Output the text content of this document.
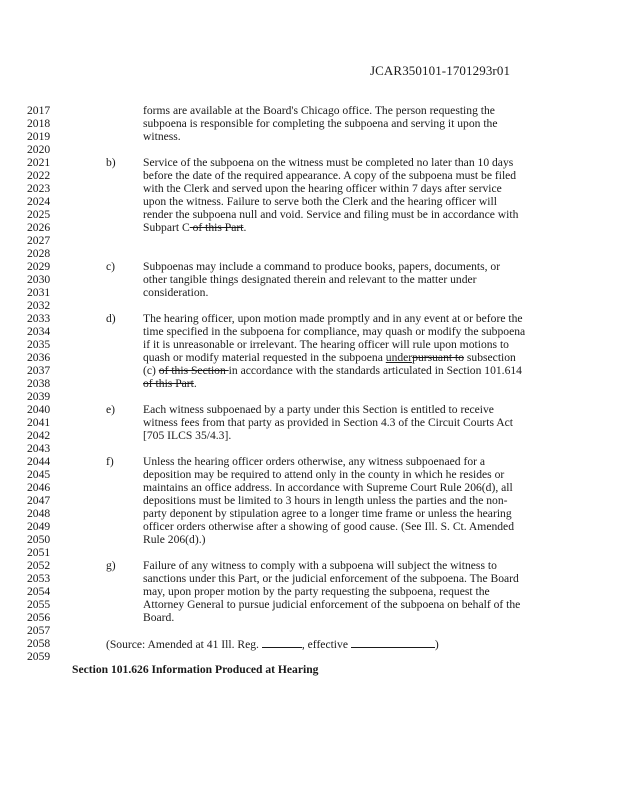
JCAR350101-1701293r01
2017
2018
2019
2020
2021
2022
2023
2024
2025
2026
2027
2028
2029
2030
2031
2032
2033
2034
2035
2036
2037
2038
2039
2040
2041
2042
2043
2044
2045
2046
2047
2048
2049
2050
2051
2052
2053
2054
2055
2056
2057
2058
2059
forms are available at the Board's Chicago office. The person requesting the
subpoena is responsible for completing the subpoena and serving it upon the
witness.
b) Service of the subpoena on the witness must be completed no later than 10 days
before the date of the required appearance. A copy of the subpoena must be filed
with the Clerk and served upon the hearing officer within 7 days after service
upon the witness. Failure to serve both the Clerk and the hearing officer will
render the subpoena null and void. Service and filing must be in accordance with
Subpart C of this Part.
c) Subpoenas may include a command to produce books, papers, documents, or
other tangible things designated therein and relevant to the matter under
consideration.
d) The hearing officer, upon motion made promptly and in any event at or before the
time specified in the subpoena for compliance, may quash or modify the subpoena
if it is unreasonable or irrelevant. The hearing officer will rule upon motions to
quash or modify material requested in the subpoena underpursuant to subsection
(c) of this Section in accordance with the standards articulated in Section 101.614
of this Part.
e) Each witness subpoenaed by a party under this Section is entitled to receive
witness fees from that party as provided in Section 4.3 of the Circuit Courts Act
[705 ILCS 35/4.3].
f)	Unless the hearing officer orders otherwise, any witness subpoenaed for a
deposition may be required to attend only in the county in which he resides or
maintains an office address. In accordance with Supreme Court Rule 206(d), all
depositions must be limited to 3 hours in length unless the parties and the non-
party deponent by stipulation agree to a longer time frame or unless the hearing
officer orders otherwise after a showing of good cause. (See Ill. S. Ct. Amended
Rule 206(d).)
g) Failure of any witness to comply with a subpoena will subject the witness to
sanctions under this Part, or the judicial enforcement of the subpoena. The Board
may, upon proper motion by the party requesting the subpoena, request the
Attorney General to pursue judicial enforcement of the subpoena on behalf of the
Board.
(Source: Amended at 41 Ill. Reg.	, effective	)
Section 101.626 Information Produced at Hearing
